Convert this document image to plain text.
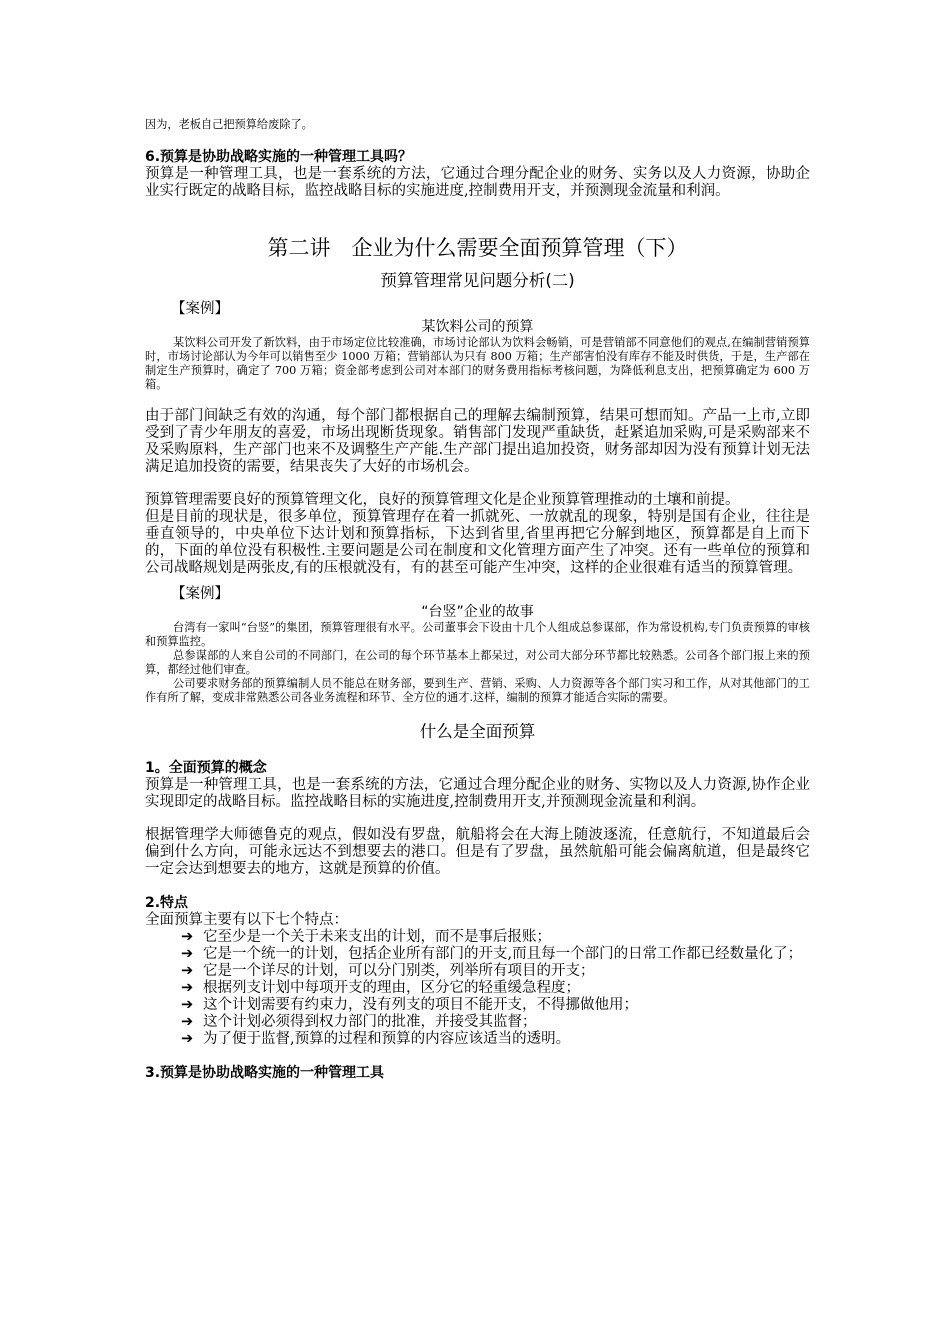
因为，老板自己把预算给废除了。

6.预算是协助战略实施的一种管理工具吗？

预算是一种管理工具，也是一套系统的方法，它通过合理分配企业的财务、实务以及人力资源，协助企业实行既定的战略目标，监控战略目标的实施进度,控制费用开支，并预测现金流量和利润。

第二讲　企业为什么需要全面预算管理（下）

预算管理常见问题分析(二)

【案例】

某饮料公司的预算

某饮料公司开发了新饮料，由于市场定位比较准确，市场讨论部认为饮料会畅销，可是营销部不同意他们的观点,在编制营销预算时，市场讨论部认为今年可以销售至少 1000 万箱；营销部认为只有 800 万箱；生产部害怕没有库存不能及时供货，于是，生产部在制定生产预算时，确定了 700 万箱；资金部考虑到公司对本部门的财务费用指标考核问题，为降低利息支出，把预算确定为 600 万箱。

由于部门间缺乏有效的沟通，每个部门都根据自己的理解去编制预算，结果可想而知。产品一上市,立即受到了青少年朋友的喜爱，市场出现断货现象。销售部门发现严重缺货，赶紧追加采购,可是采购部来不及采购原料，生产部门也来不及调整生产产能.生产部门提出追加投资，财务部却因为没有预算计划无法满足追加投资的需要，结果丧失了大好的市场机会。

预算管理需要良好的预算管理文化，良好的预算管理文化是企业预算管理推动的土壤和前提。

但是目前的现状是，很多单位，预算管理存在着一抓就死、一放就乱的现象，特别是国有企业，往往是垂直领导的，中央单位下达计划和预算指标，下达到省里,省里再把它分解到地区，预算都是自上而下的，下面的单位没有积极性.主要问题是公司在制度和文化管理方面产生了冲突。还有一些单位的预算和公司战略规划是两张皮,有的压根就没有，有的甚至可能产生冲突，这样的企业很难有适当的预算管理。

【案例】

“台竖”企业的故事

台湾有一家叫“台竖”的集团，预算管理很有水平。公司董事会下设由十几个人组成总参谋部，作为常设机构,专门负责预算的审核和预算监控。

总参谋部的人来自公司的不同部门，在公司的每个环节基本上都呆过，对公司大部分环节都比较熟悉。公司各个部门报上来的预算，都经过他们审查。

公司要求财务部的预算编制人员不能总在财务部，要到生产、营销、采购、人力资源等各个部门实习和工作，从对其他部门的工作有所了解，变成非常熟悉公司各业务流程和环节、全方位的通才.这样，编制的预算才能适合实际的需要。

什么是全面预算

1。全面预算的概念

预算是一种管理工具，也是一套系统的方法，它通过合理分配企业的财务、实物以及人力资源,协作企业实现即定的战略目标。监控战略目标的实施进度,控制费用开支,并预测现金流量和利润。

根据管理学大师德鲁克的观点，假如没有罗盘，航船将会在大海上随波逐流，任意航行，不知道最后会偏到什么方向，可能永远达不到想要去的港口。但是有了罗盘，虽然航船可能会偏离航道，但是最终它一定会达到想要去的地方，这就是预算的价值。

2.特点

全面预算主要有以下七个特点：

➔ 它至少是一个关于未来支出的计划，而不是事后报账；

➔ 它是一个统一的计划，包括企业所有部门的开支,而且每一个部门的日常工作都已经数量化了；

➔ 它是一个详尽的计划，可以分门别类，列举所有项目的开支；

➔ 根据列支计划中每项开支的理由，区分它的轻重缓急程度；

➔ 这个计划需要有约束力，没有列支的项目不能开支，不得挪做他用；

➔ 这个计划必须得到权力部门的批准，并接受其监督；

➔ 为了便于监督,预算的过程和预算的内容应该适当的透明。

3.预算是协助战略实施的一种管理工具
